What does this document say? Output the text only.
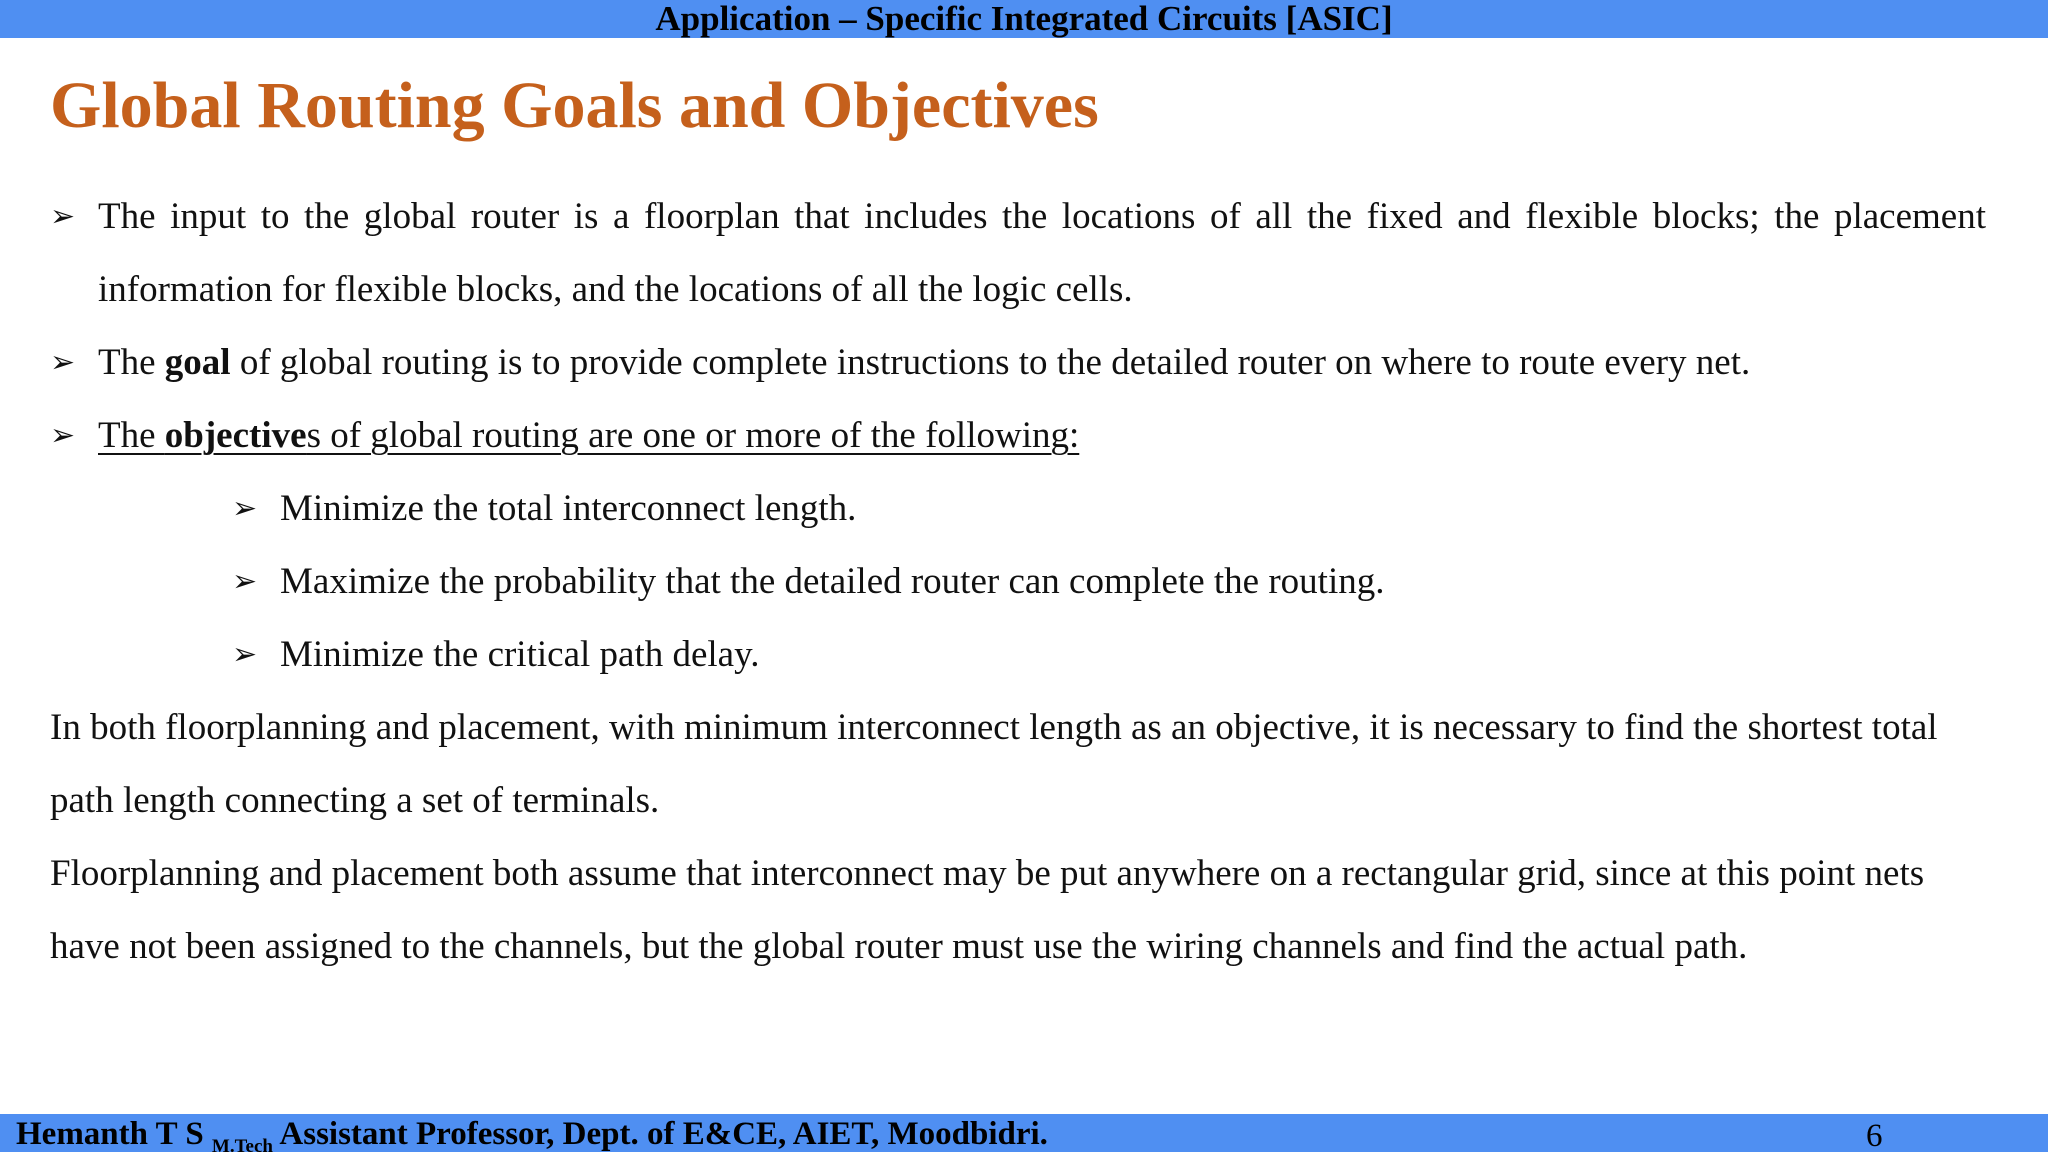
Application – Specific Integrated Circuits [ASIC]
Global Routing Goals and Objectives
➢ The input to the global router is a floorplan that includes the locations of all the fixed and flexible blocks; the placement information for flexible blocks, and the locations of all the logic cells.
➢ The goal of global routing is to provide complete instructions to the detailed router on where to route every net.
➢ The objectives of global routing are one or more of the following:
➢ Minimize the total interconnect length.
➢ Maximize the probability that the detailed router can complete the routing.
➢ Minimize the critical path delay.

In both floorplanning and placement, with minimum interconnect length as an objective, it is necessary to find the shortest total path length connecting a set of terminals.

Floorplanning and placement both assume that interconnect may be put anywhere on a rectangular grid, since at this point nets have not been assigned to the channels, but the global router must use the wiring channels and find the actual path.

Hemanth T S $_{M.Tech}$ Assistant Professor, Dept. of E&CE, AIET, Moodbidri.	6
